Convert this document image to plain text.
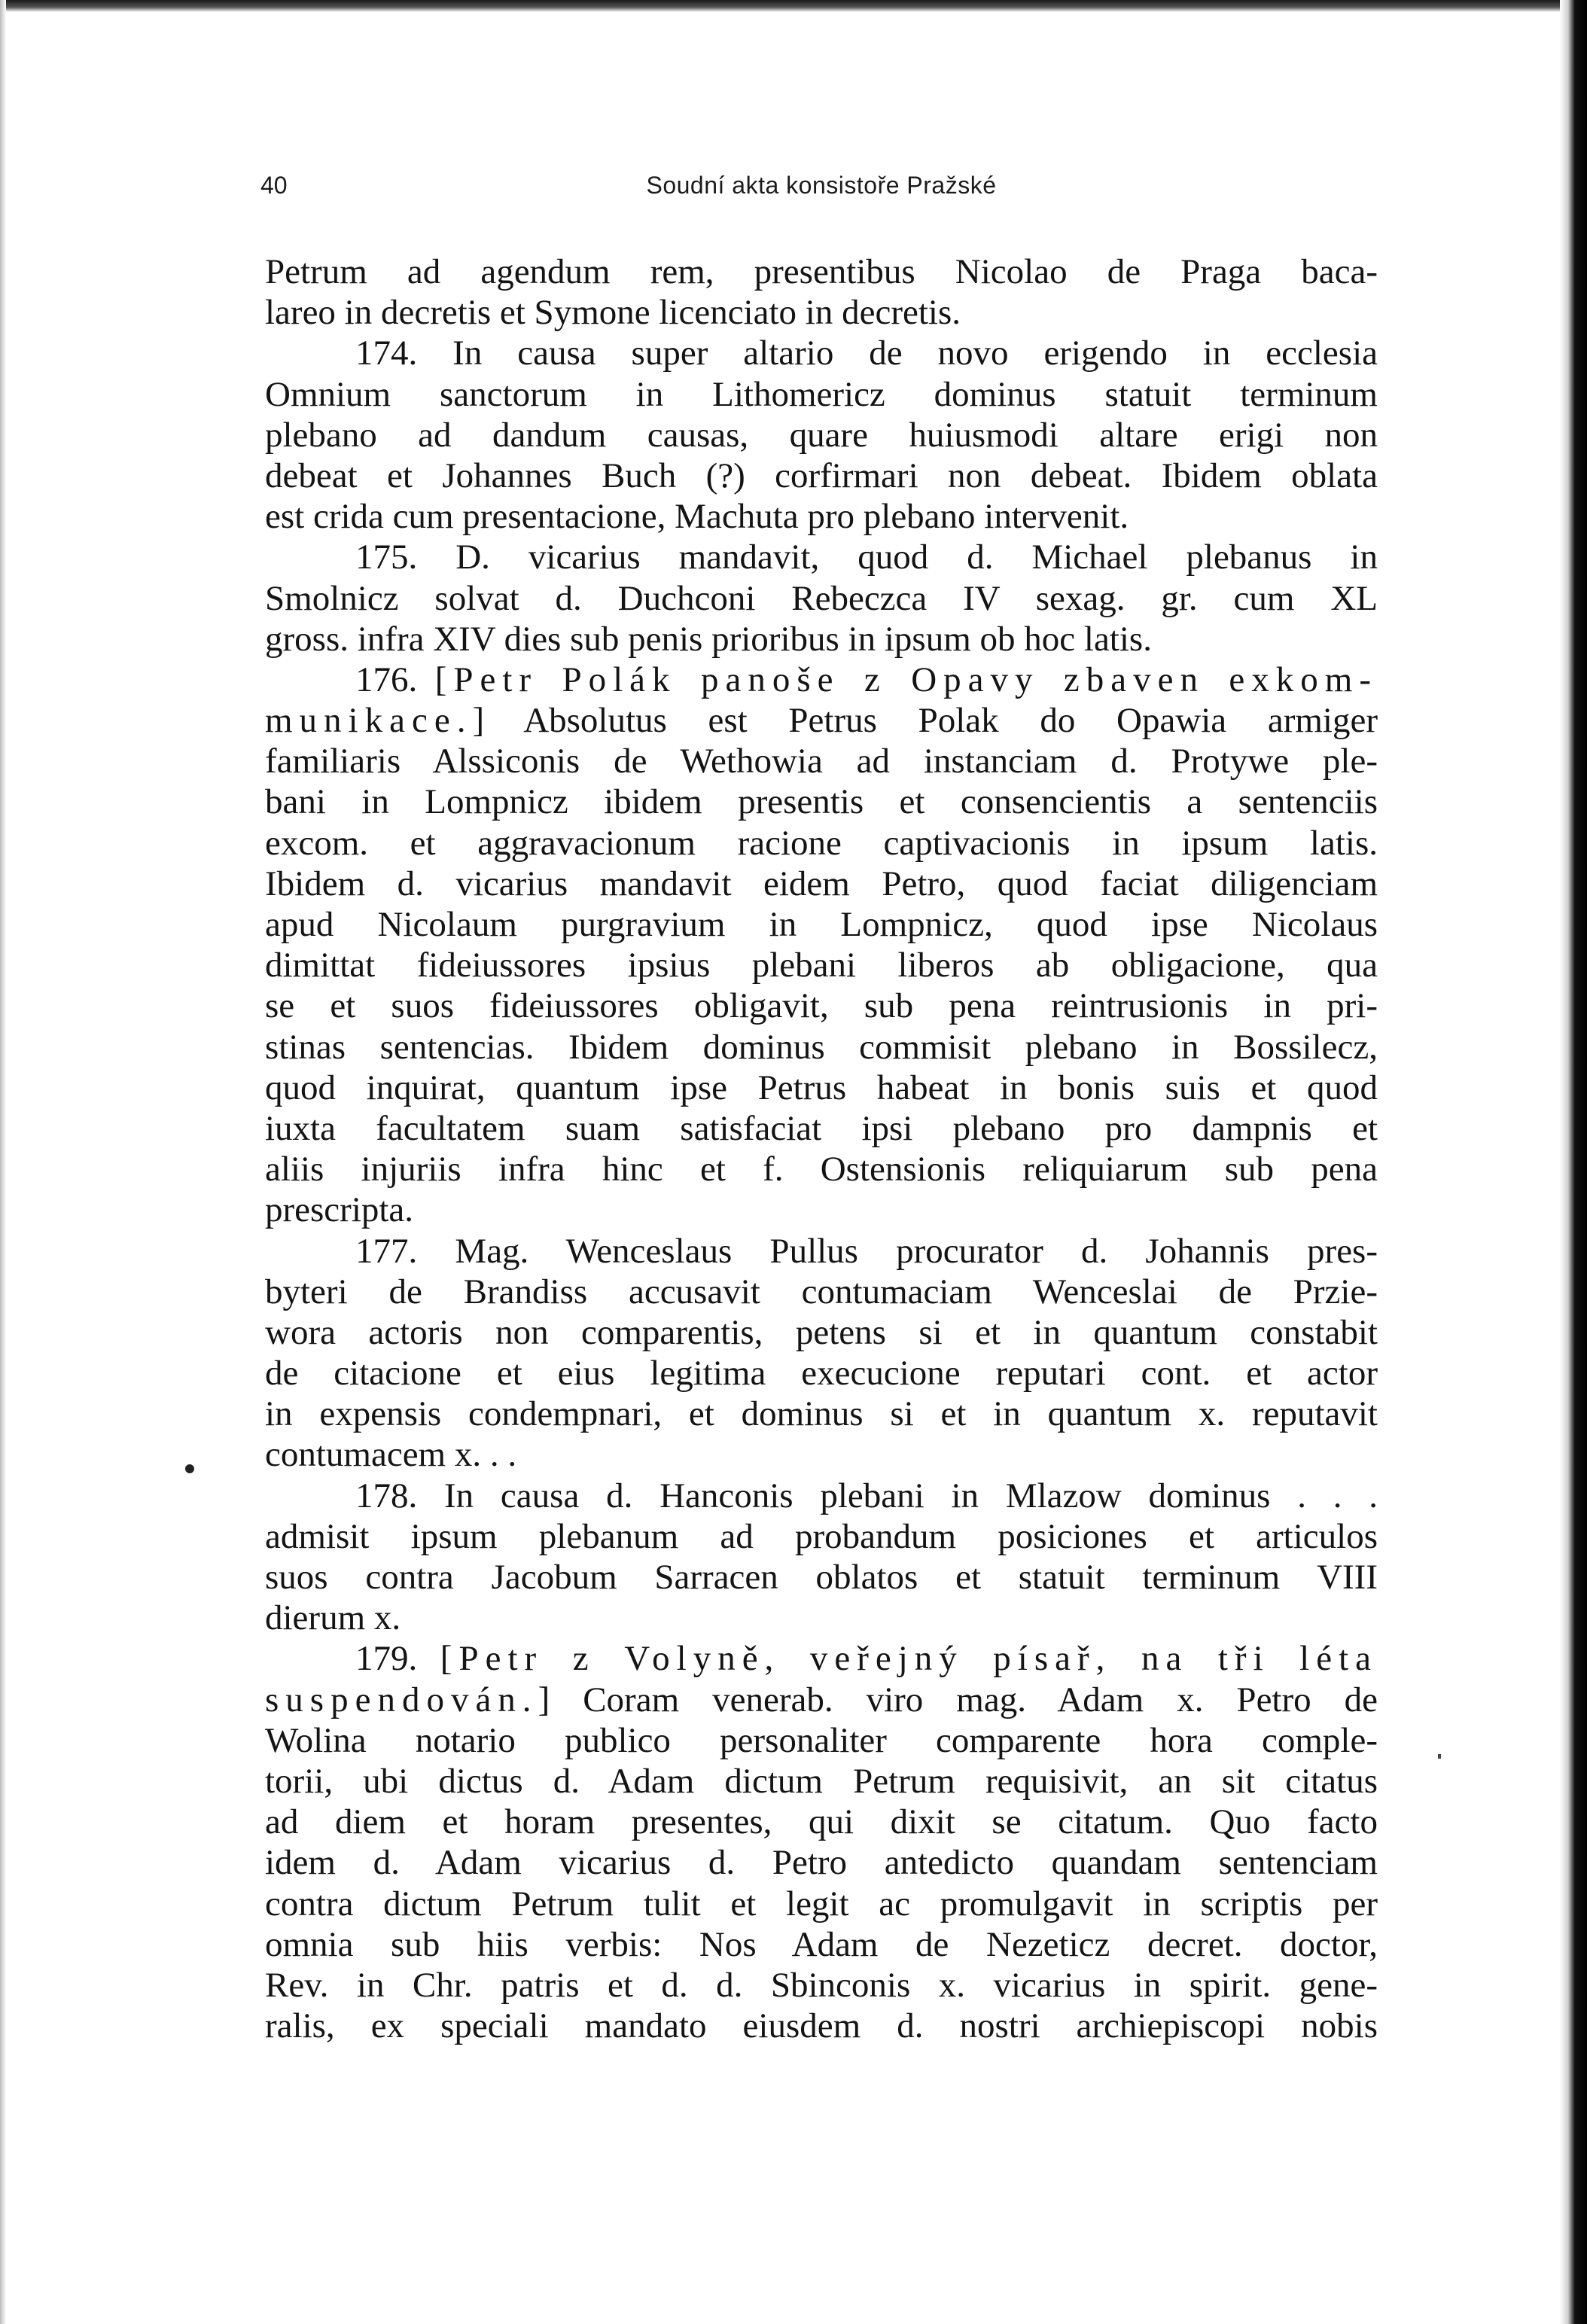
40	Soudní akta konsistoře Pražské
Petrum ad agendum rem, presentibus Nicolao de Praga baca-
lareo in decretis et Symone licenciato in decretis.
174. In causa super altario de novo erigendo in ecclesia
Omnium sanctorum in Lithomericz dominus statuit terminum
plebano ad dandum causas, quare huiusmodi altare erigi non
debeat et Johannes Buch (?) corfirmari non debeat. Ibidem oblata
est crida cum presentacione, Machuta pro plebano intervenit.
175. D. vicarius mandavit, quod d. Michael plebanus in
Smolnicz solvat d. Duchconi Rebeczca IV sexag. gr. cum XL
gross. infra XIV dies sub penis prioribus in ipsum ob hoc latis.
176. [Petr Polák panoše z Opavy zbaven exkom-
munikace.] Absolutus est Petrus Polak do Opawia armiger
familiaris Alssiconis de Wethowia ad instanciam d. Protywe ple-
bani in Lompnicz ibidem presentis et consencientis a sentenciis
excom. et aggravacionum racione captivacionis in ipsum latis.
Ibidem d. vicarius mandavit eidem Petro, quod faciat diligenciam
apud Nicolaum purgravium in Lompnicz, quod ipse Nicolaus
dimittat fideiussores ipsius plebani liberos ab obligacione, qua
se et suos fideiussores obligavit, sub pena reintrusionis in pri-
stinas sentencias. Ibidem dominus commisit plebano in Bossilecz,
quod inquirat, quantum ipse Petrus habeat in bonis suis et quod
iuxta facultatem suam satisfaciat ipsi plebano pro dampnis et
aliis injuriis infra hinc et f. Ostensionis reliquiarum sub pena
prescripta.
177. Mag. Wenceslaus Pullus procurator d. Johannis pres-
byteri de Brandiss accusavit contumaciam Wenceslai de Przie-
wora actoris non comparentis, petens si et in quantum constabit
de citacione et eius legitima execucione reputari cont. et actor
in expensis condempnari, et dominus si et in quantum x. reputavit
contumacem x. . .
178. In causa d. Hanconis plebani in Mlazow dominus . . .
admisit ipsum plebanum ad probandum posiciones et articulos
suos contra Jacobum Sarracen oblatos et statuit terminum VIII
dierum x.
179. [Petr z Volyně, veřejný písař, na tři léta
suspendován.] Coram venerab. viro mag. Adam x. Petro de
Wolina notario publico personaliter comparente hora comple-
torii, ubi dictus d. Adam dictum Petrum requisivit, an sit citatus
ad diem et horam presentes, qui dixit se citatum. Quo facto
idem d. Adam vicarius d. Petro antedicto quandam sentenciam
contra dictum Petrum tulit et legit ac promulgavit in scriptis per
omnia sub hiis verbis: Nos Adam de Nezeticz decret. doctor,
Rev. in Chr. patris et d. d. Sbinconis x. vicarius in spirit. gene-
ralis, ex speciali mandato eiusdem d. nostri archiepiscopi nobis
